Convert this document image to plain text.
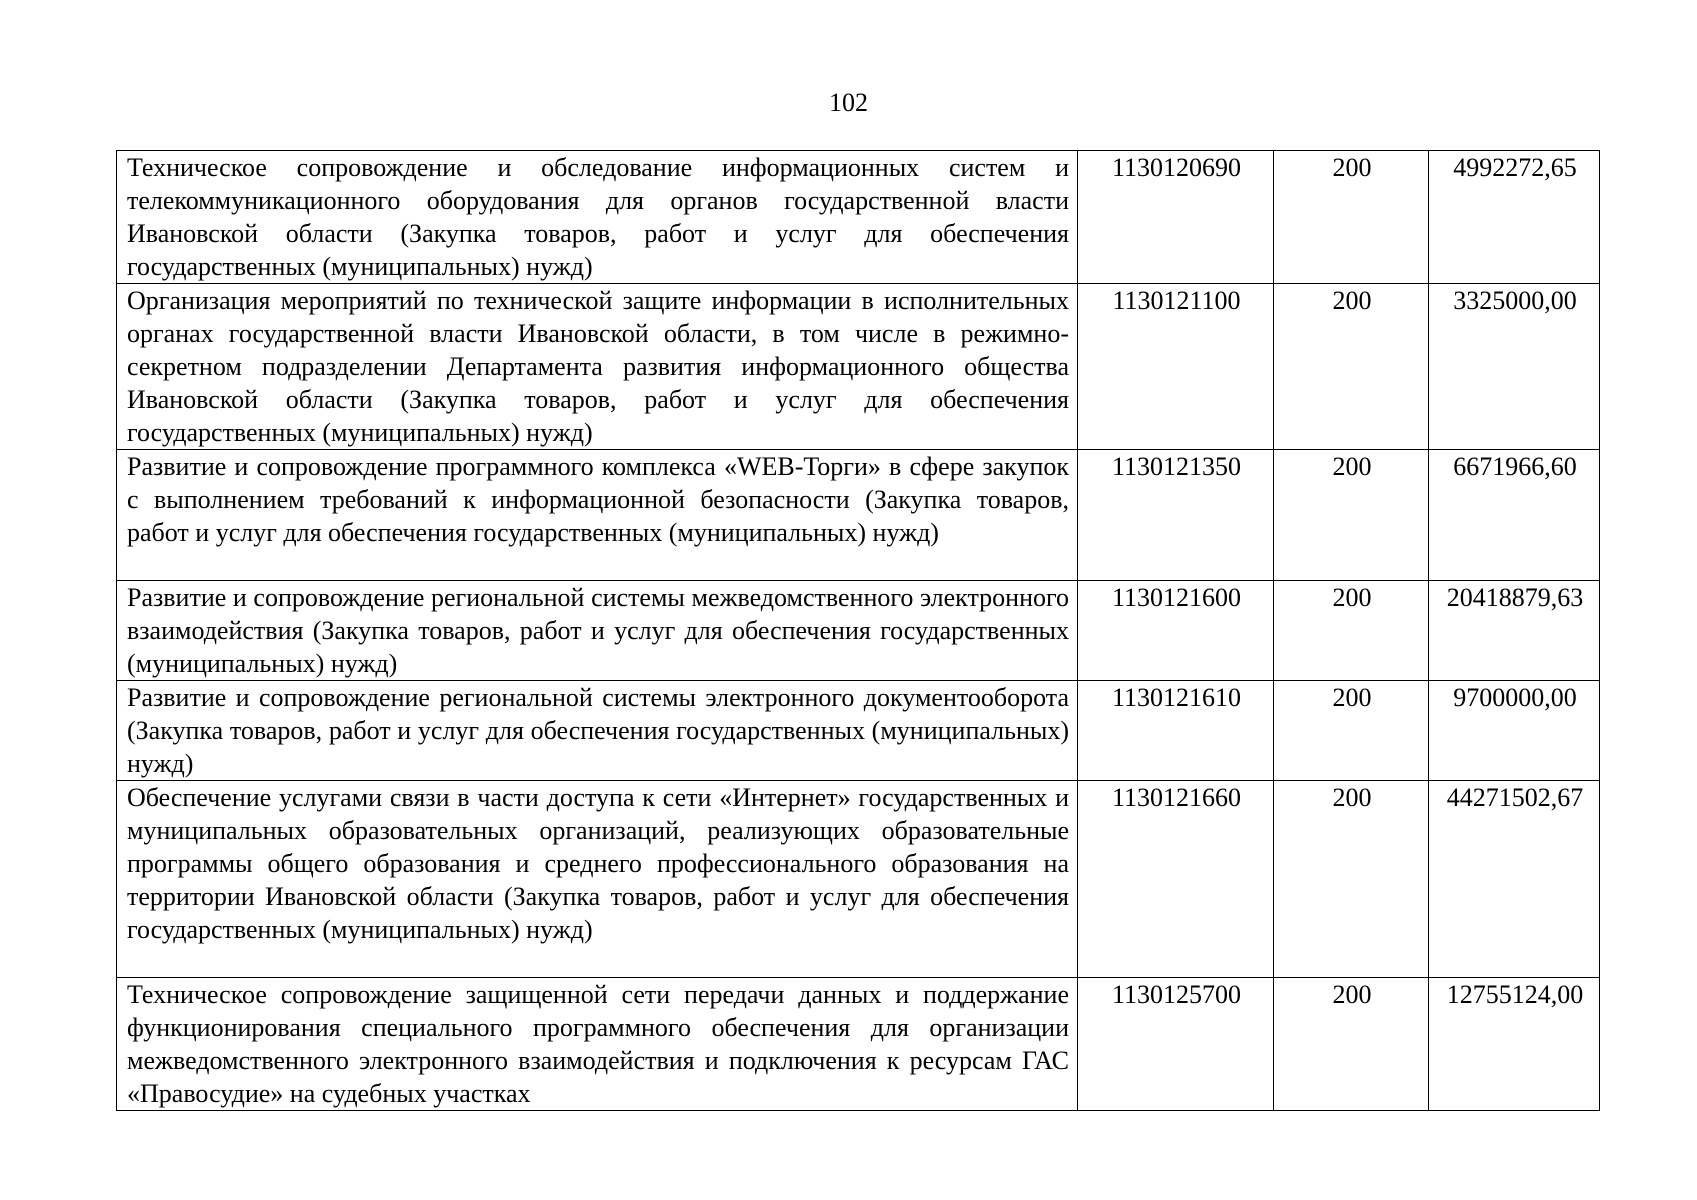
102
Техническое сопровождение и обследование информационных систем и телекоммуникационного оборудования для органов государственной власти Ивановской области (Закупка товаров, работ и услуг для обеспечения государственных (муниципальных) нужд)	1130120690	200	4992272,65
Организация мероприятий по технической защите информации в исполнительных органах государственной власти Ивановской области, в том числе в режимно-секретном подразделении Департамента развития информационного общества Ивановской области (Закупка товаров, работ и услуг для обеспечения государственных (муниципальных) нужд)	1130121100	200	3325000,00
Развитие и сопровождение программного комплекса «WEB-Торги» в сфере закупок с выполнением требований к информационной безопасности (Закупка товаров, работ и услуг для обеспечения государственных (муниципальных) нужд)	1130121350	200	6671966,60
Развитие и сопровождение региональной системы межведомственного электронного взаимодействия (Закупка товаров, работ и услуг для обеспечения государственных (муниципальных) нужд)	1130121600	200	20418879,63
Развитие и сопровождение региональной системы электронного документооборота (Закупка товаров, работ и услуг для обеспечения государственных (муниципальных) нужд)	1130121610	200	9700000,00
Обеспечение услугами связи в части доступа к сети «Интернет» государственных и муниципальных образовательных организаций, реализующих образовательные программы общего образования и среднего профессионального образования на территории Ивановской области (Закупка товаров, работ и услуг для обеспечения государственных (муниципальных) нужд)	1130121660	200	44271502,67
Техническое сопровождение защищенной сети передачи данных и поддержание функционирования специального программного обеспечения для организации межведомственного электронного взаимодействия и подключения к ресурсам ГАС «Правосудие» на судебных участках	1130125700	200	12755124,00
